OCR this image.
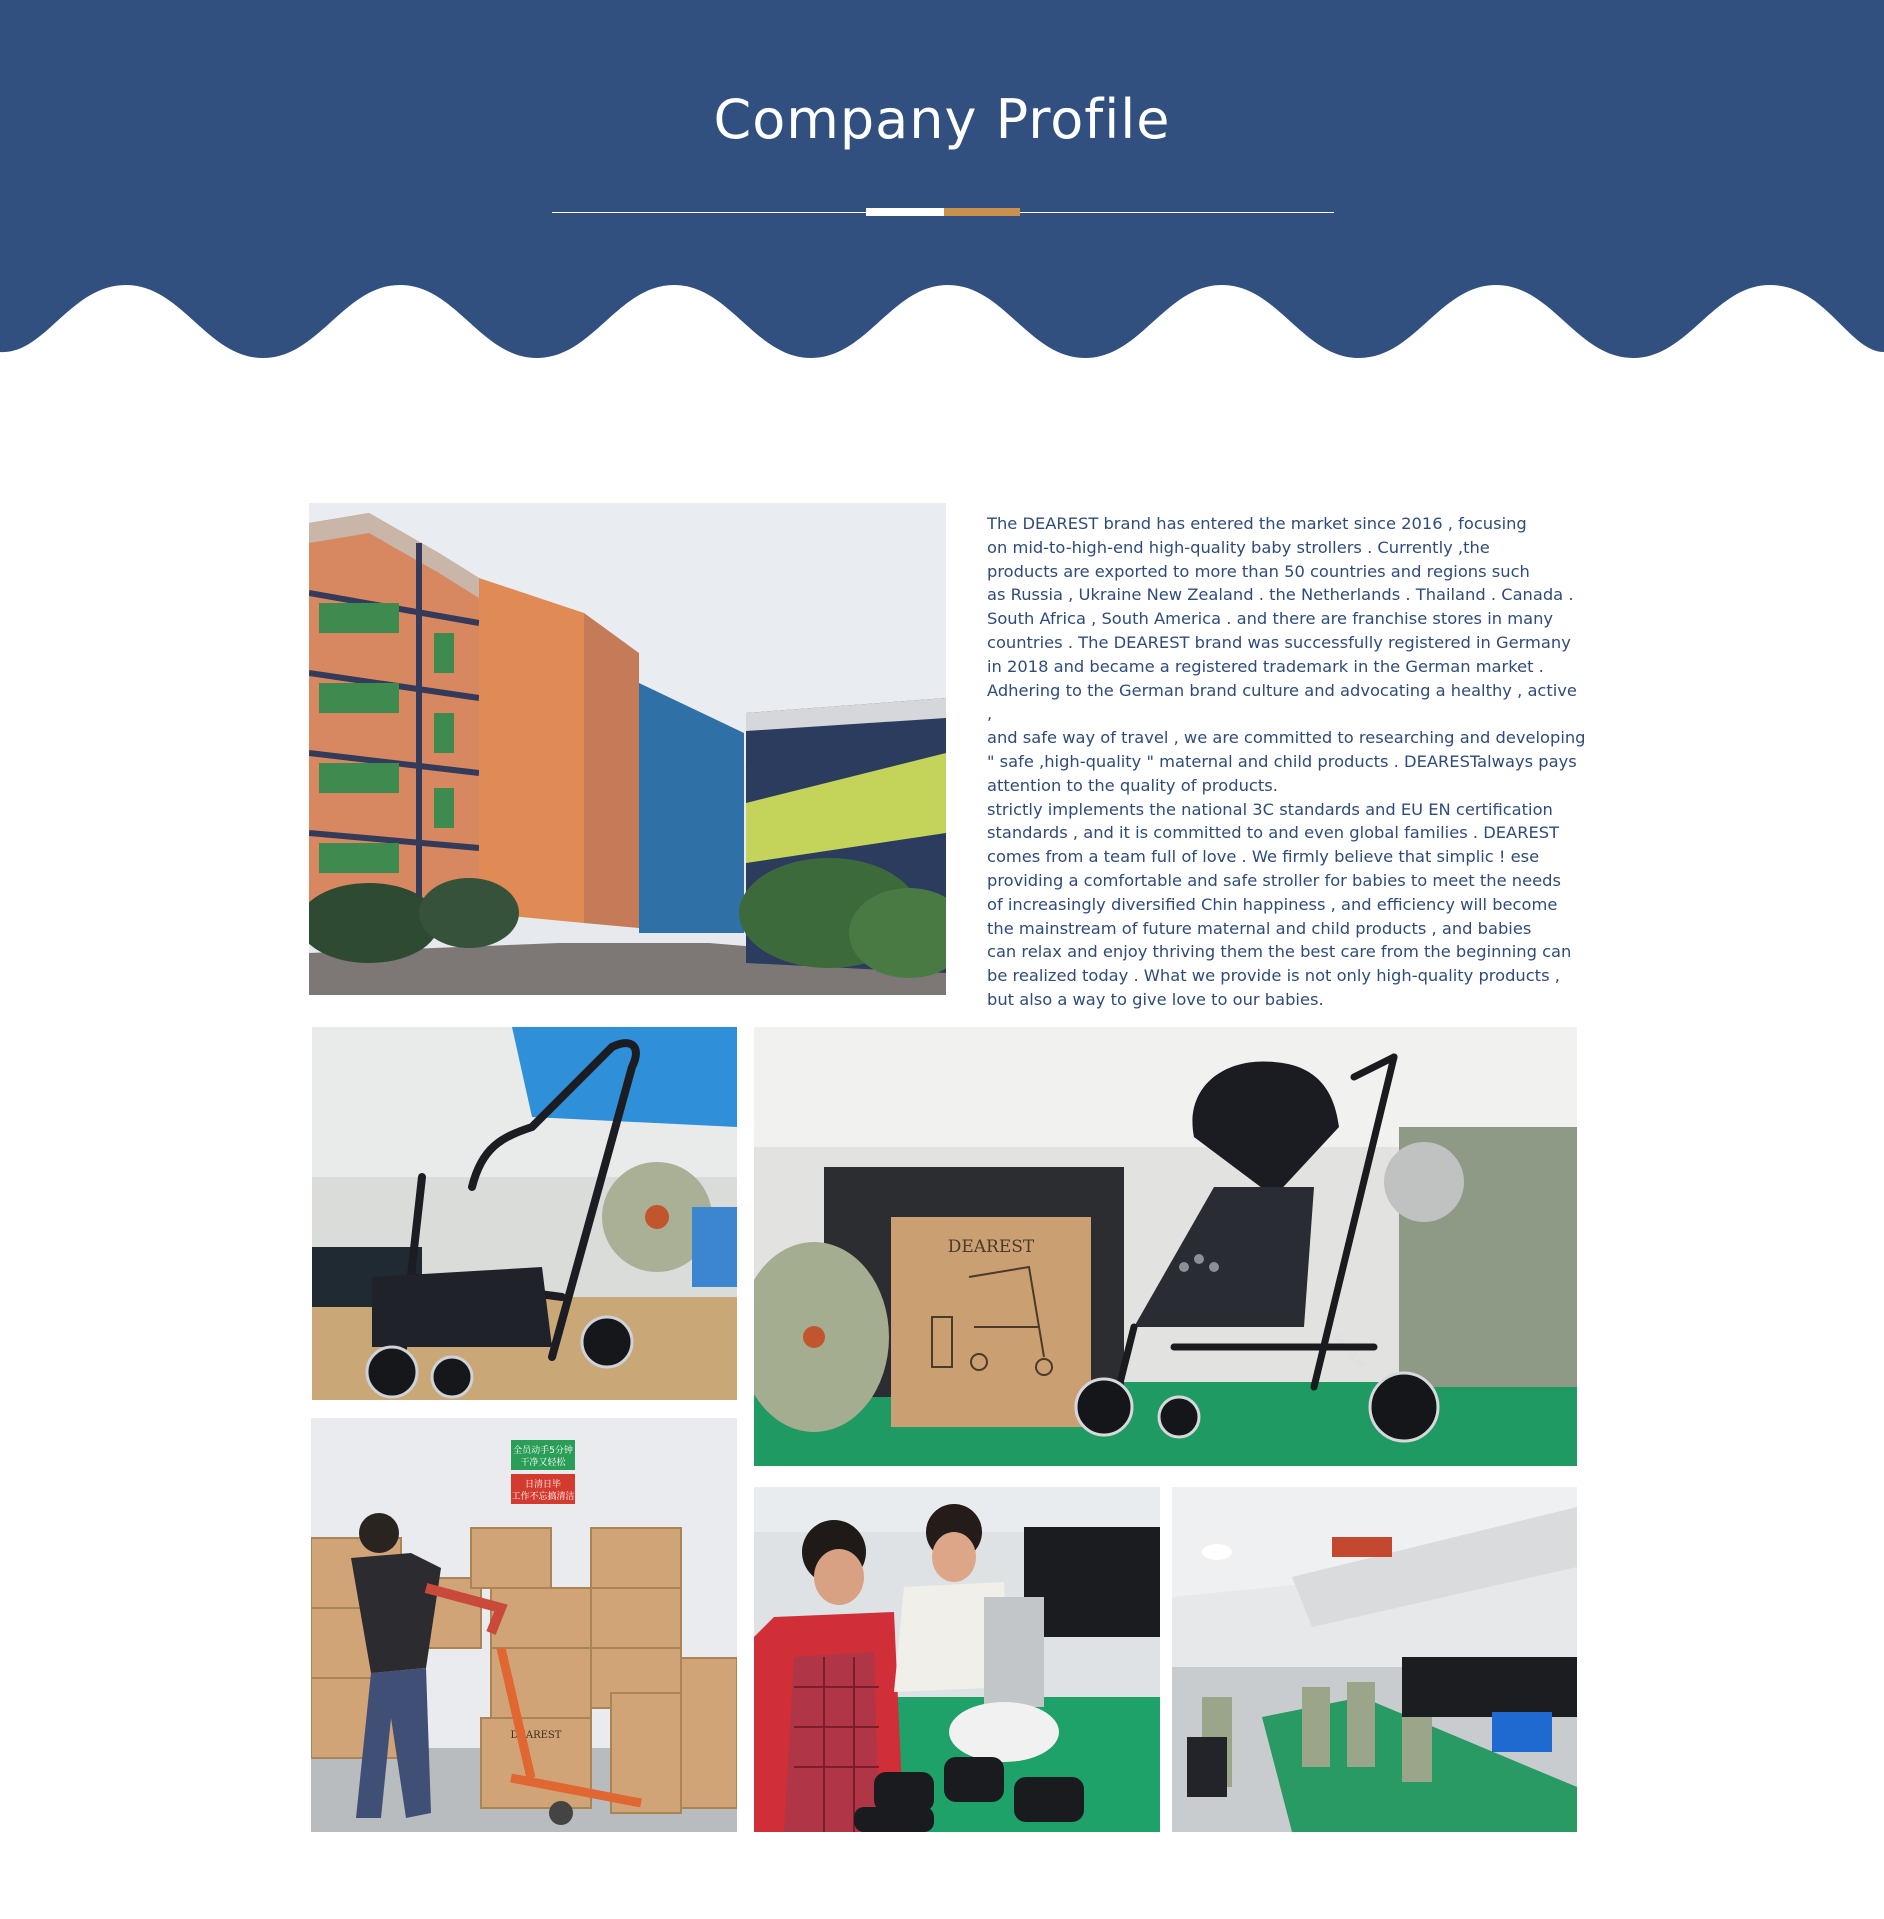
Company Profile
The DEAREST brand has entered the market since 2016 , focusing
on mid-to-high-end high-quality baby strollers . Currently ,the
products are exported to more than 50 countries and regions such
as Russia , Ukraine New Zealand . the Netherlands . Thailand . Canada .
South Africa , South America . and there are franchise stores in many
countries . The DEAREST brand was successfully registered in Germany
in 2018 and became a registered trademark in the German market .
Adhering to the German brand culture and advocating a healthy , active ,
and safe way of travel , we are committed to researching and developing
" safe ,high-quality " maternal and child products . DEARESTalways pays
attention to the quality of products.
strictly implements the national 3C standards and EU EN certification
standards , and it is committed to and even global families . DEAREST
comes from a team full of love . We firmly believe that simplic ! ese
providing a comfortable and safe stroller for babies to meet the needs
of increasingly diversified Chin happiness , and efficiency will become
the mainstream of future maternal and child products , and babies
can relax and enjoy thriving them the best care from the beginning can
be realized today . What we provide is not only high-quality products ,
but also a way to give love to our babies.
DEAREST
DEAREST
全员动手5分钟
干净又轻松
日清日毕
工作不忘搞清洁
DEAREST
